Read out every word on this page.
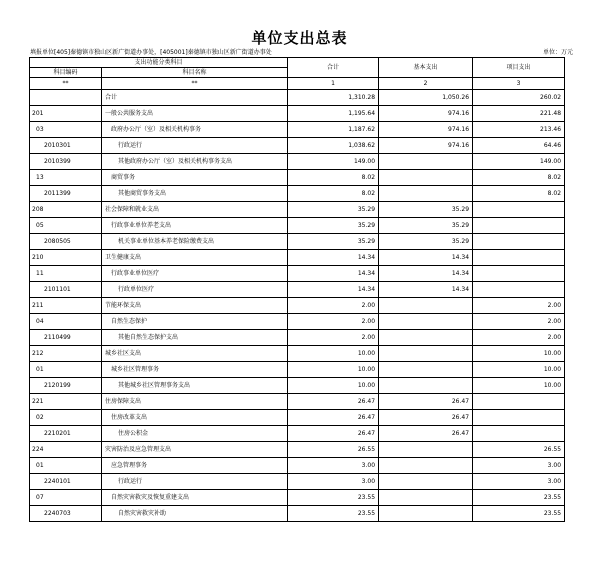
单位支出总表
填报单位[405]秦德镇市独山区新广街道办事处，[405001]秦德镇市独山区新广街道办事处	单位：万元
支出功能分类科目		合计	基本支出	项目支出
科目编码	科目名称			
**	**	1	2	3
	合计	1,310.28	1,050.26	260.02
201	一般公共服务支出	1,195.64	974.16	221.48
03	政府办公厅（室）及相关机构事务	1,187.62	974.16	213.46
2010301	行政运行	1,038.62	974.16	64.46
2010399	其他政府办公厅（室）及相关机构事务支出	149.00		149.00
13	商贸事务	8.02		8.02
2011399	其他商贸事务支出	8.02		8.02
208	社会保障和就业支出	35.29	35.29	
05	行政事业单位养老支出	35.29	35.29	
2080505	机关事业单位基本养老保险缴费支出	35.29	35.29	
210	卫生健康支出	14.34	14.34	
11	行政事业单位医疗	14.34	14.34	
2101101	行政单位医疗	14.34	14.34	
211	节能环保支出	2.00		2.00
04	自然生态保护	2.00		2.00
2110499	其他自然生态保护支出	2.00		2.00
212	城乡社区支出	10.00		10.00
01	城乡社区管理事务	10.00		10.00
2120199	其他城乡社区管理事务支出	10.00		10.00
221	住房保障支出	26.47	26.47	
02	住房改革支出	26.47	26.47	
2210201	住房公积金	26.47	26.47	
224	灾害防治及应急管理支出	26.55		26.55
01	应急管理事务	3.00		3.00
2240101	行政运行	3.00		3.00
07	自然灾害救灾及恢复重建支出	23.55		23.55
2240703	自然灾害救灾补助	23.55		23.55
